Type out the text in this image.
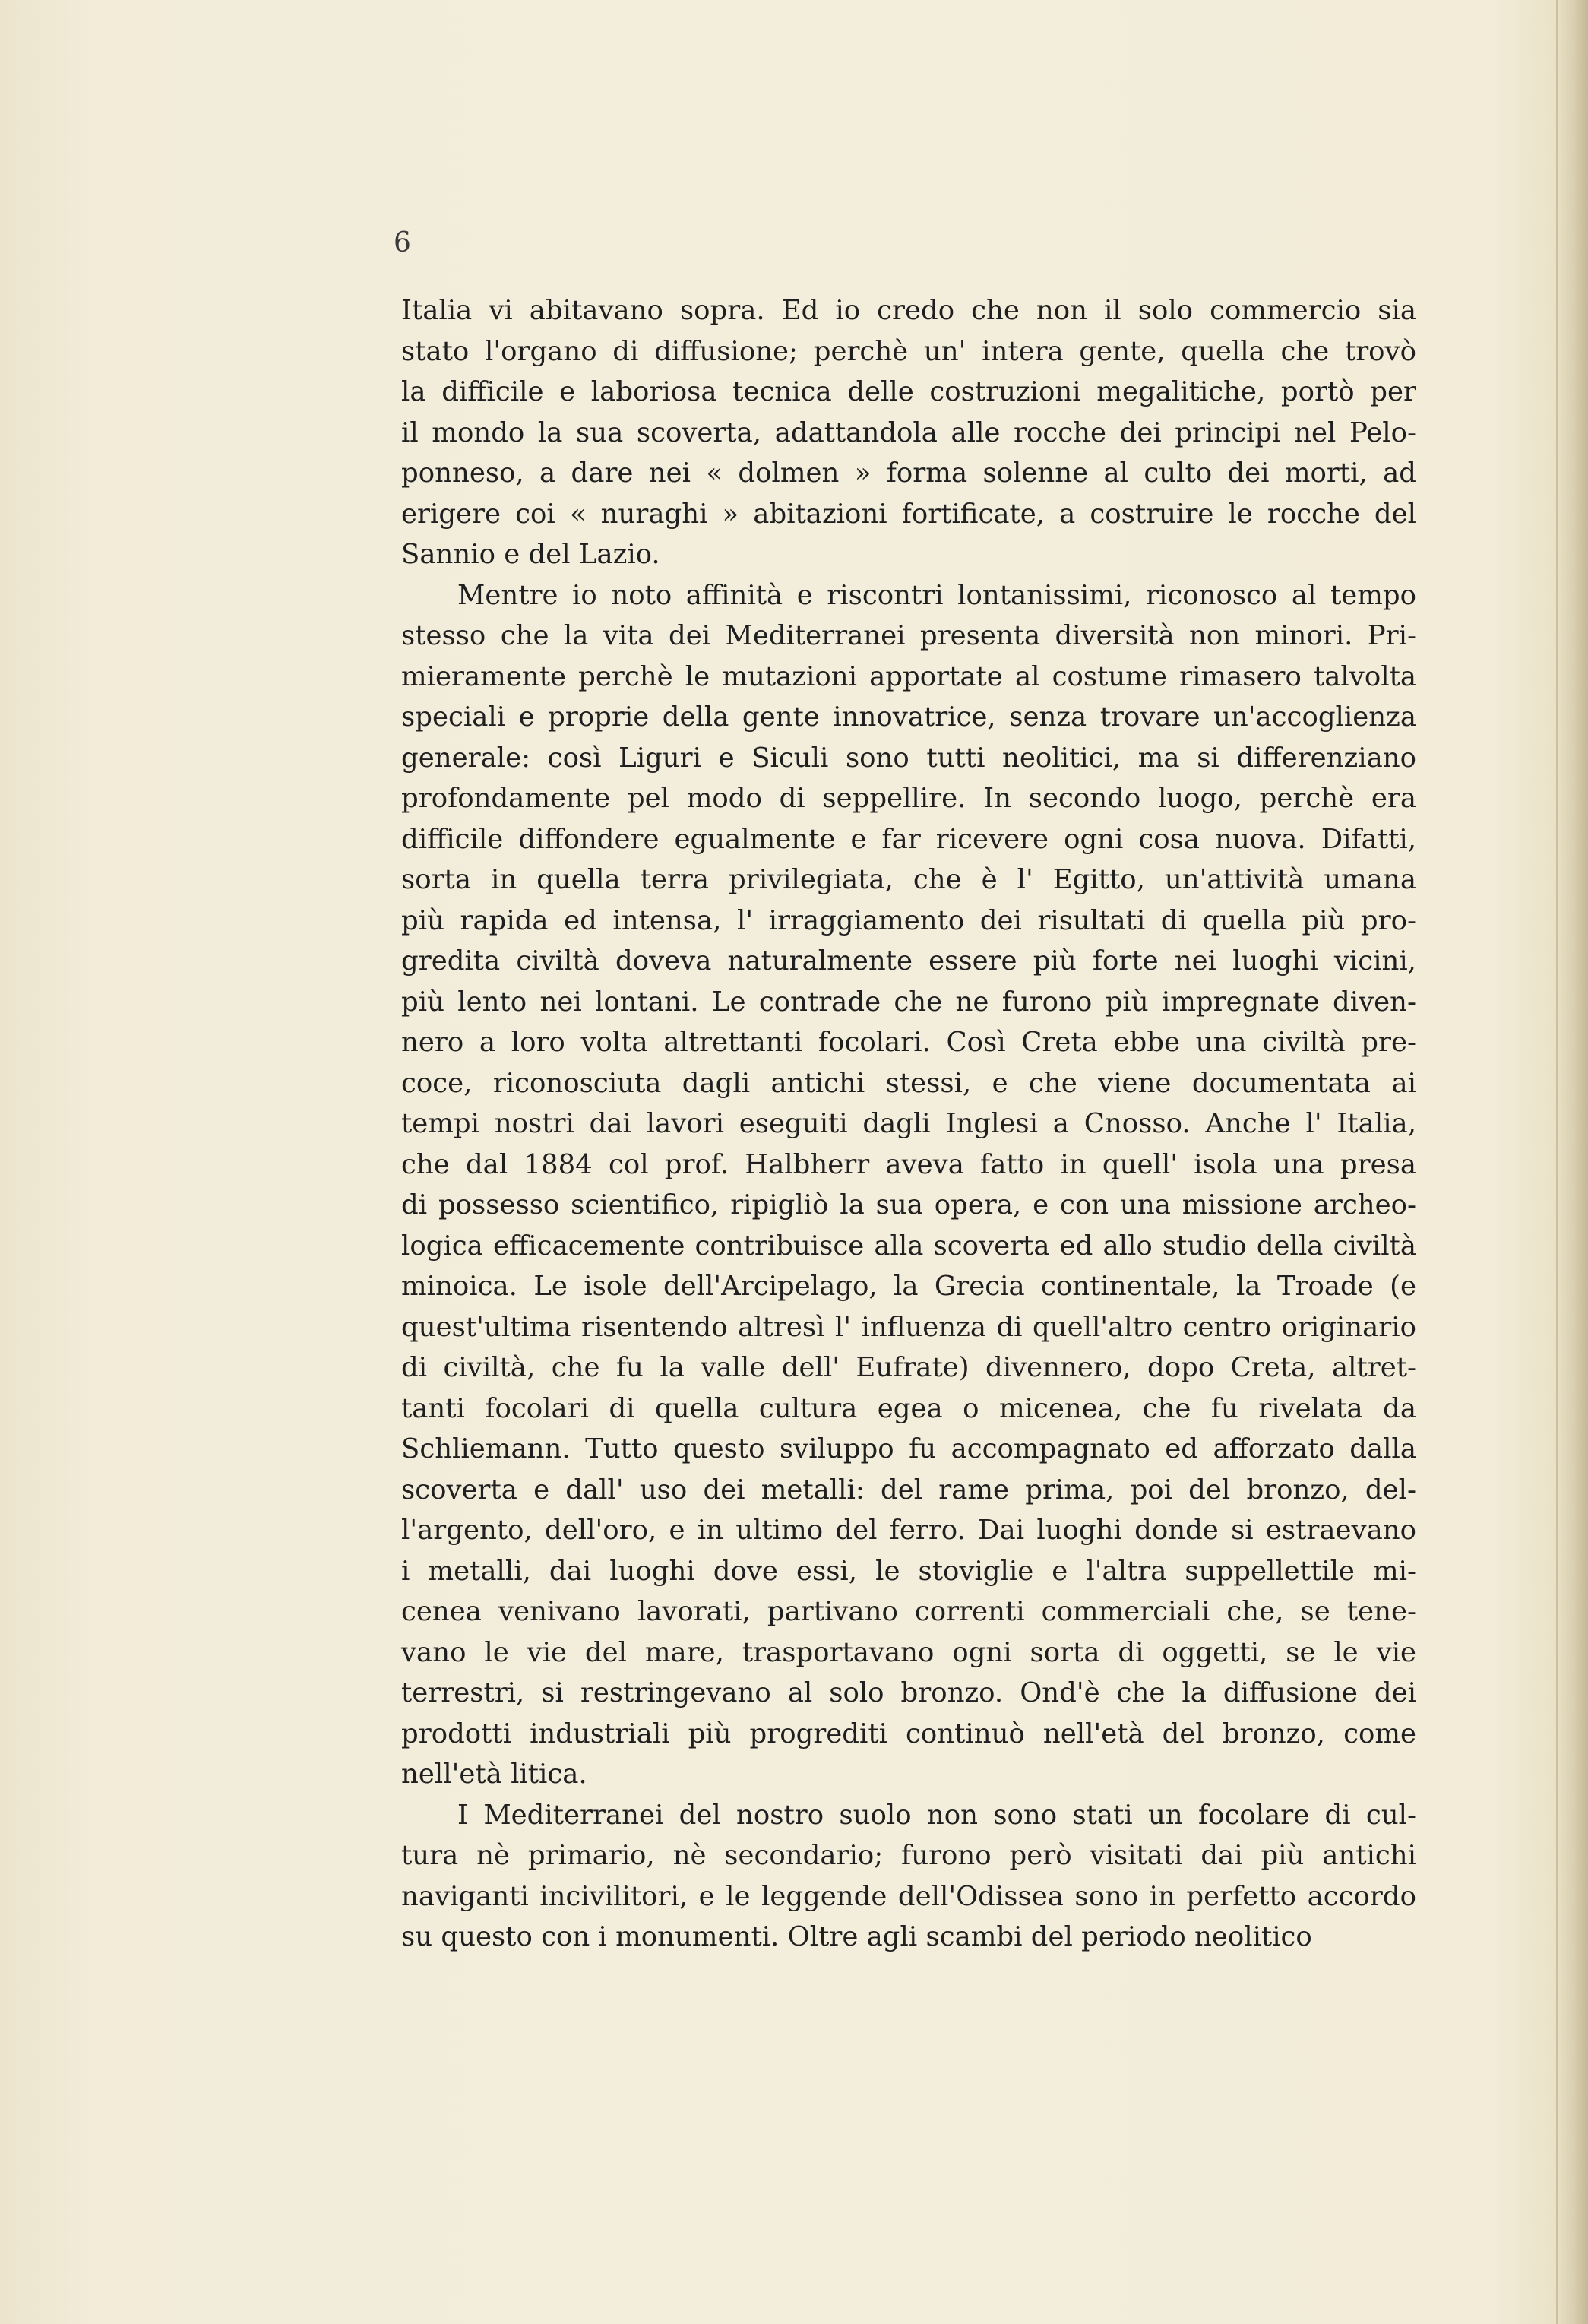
6
Italia vi abitavano sopra. Ed io credo che non il solo commercio sia
stato l'organo di diffusione; perchè un' intera gente, quella che trovò
la difficile e laboriosa tecnica delle costruzioni megalitiche, portò per
il mondo la sua scoverta, adattandola alle rocche dei principi nel Pelo-
ponneso, a dare nei « dolmen » forma solenne al culto dei morti, ad
erigere coi « nuraghi » abitazioni fortificate, a costruire le rocche del
Sannio e del Lazio.
Mentre io noto affinità e riscontri lontanissimi, riconosco al tempo
stesso che la vita dei Mediterranei presenta diversità non minori. Pri-
mieramente perchè le mutazioni apportate al costume rimasero talvolta
speciali e proprie della gente innovatrice, senza trovare un'accoglienza
generale: così Liguri e Siculi sono tutti neolitici, ma si differenziano
profondamente pel modo di seppellire. In secondo luogo, perchè era
difficile diffondere egualmente e far ricevere ogni cosa nuova. Difatti,
sorta in quella terra privilegiata, che è l' Egitto, un'attività umana
più rapida ed intensa, l' irraggiamento dei risultati di quella più pro-
gredita civiltà doveva naturalmente essere più forte nei luoghi vicini,
più lento nei lontani. Le contrade che ne furono più impregnate diven-
nero a loro volta altrettanti focolari. Così Creta ebbe una civiltà pre-
coce, riconosciuta dagli antichi stessi, e che viene documentata ai
tempi nostri dai lavori eseguiti dagli Inglesi a Cnosso. Anche l' Italia,
che dal 1884 col prof. Halbherr aveva fatto in quell' isola una presa
di possesso scientifico, ripigliò la sua opera, e con una missione archeo-
logica efficacemente contribuisce alla scoverta ed allo studio della civiltà
minoica. Le isole dell'Arcipelago, la Grecia continentale, la Troade (e
quest'ultima risentendo altresì l' influenza di quell'altro centro originario
di civiltà, che fu la valle dell' Eufrate) divennero, dopo Creta, altret-
tanti focolari di quella cultura egea o micenea, che fu rivelata da
Schliemann. Tutto questo sviluppo fu accompagnato ed afforzato dalla
scoverta e dall' uso dei metalli: del rame prima, poi del bronzo, del-
l'argento, dell'oro, e in ultimo del ferro. Dai luoghi donde si estraevano
i metalli, dai luoghi dove essi, le stoviglie e l'altra suppellettile mi-
cenea venivano lavorati, partivano correnti commerciali che, se tene-
vano le vie del mare, trasportavano ogni sorta di oggetti, se le vie
terrestri, si restringevano al solo bronzo. Ond'è che la diffusione dei
prodotti industriali più progrediti continuò nell'età del bronzo, come
nell'età litica.
I Mediterranei del nostro suolo non sono stati un focolare di cul-
tura nè primario, nè secondario; furono però visitati dai più antichi
naviganti incivilitori, e le leggende dell'Odissea sono in perfetto accordo
su questo con i monumenti. Oltre agli scambi del periodo neolitico
